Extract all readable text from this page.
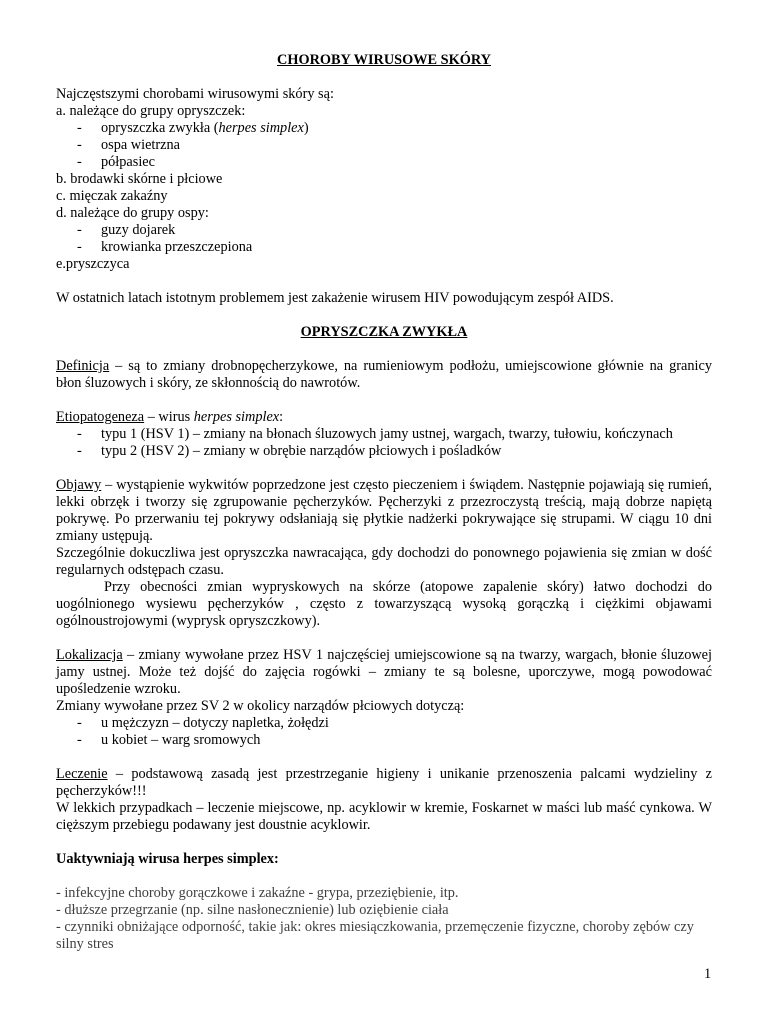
CHOROBY WIRUSOWE SKÓRY

Najczęstszymi chorobami wirusowymi skóry są:

a. należące do grupy opryszczek:

- opryszczka zwykła (herpes simplex)

- ospa wietrzna

- półpasiec

b. brodawki skórne i płciowe

c. mięczak zakaźny

d. należące do grupy ospy:

- guzy dojarek

- krowianka przeszczepiona

e.pryszczyca

W ostatnich latach istotnym problemem jest zakażenie wirusem HIV powodującym zespół AIDS.

OPRYSZCZKA ZWYKŁA

Definicja – są to zmiany drobnopęcherzykowe, na rumieniowym podłożu, umiejscowione głównie na granicy błon śluzowych i skóry, ze skłonnością do nawrotów.

Etiopatogeneza – wirus herpes simplex:

- typu 1 (HSV 1) – zmiany na błonach śluzowych jamy ustnej, wargach, twarzy, tułowiu, kończynach

- typu 2 (HSV 2) – zmiany w obrębie narządów płciowych i pośladków

Objawy – wystąpienie wykwitów poprzedzone jest często pieczeniem i świądem. Następnie pojawiają się rumień, lekki obrzęk i tworzy się zgrupowanie pęcherzyków. Pęcherzyki z przezroczystą treścią, mają dobrze napiętą pokrywę. Po przerwaniu tej pokrywy odsłaniają się płytkie nadżerki pokrywające się strupami. W ciągu 10 dni zmiany ustępują.

Szczególnie dokuczliwa jest opryszczka nawracająca, gdy dochodzi do ponownego pojawienia się zmian w dość regularnych odstępach czasu.

Przy obecności zmian wypryskowych na skórze (atopowe zapalenie skóry) łatwo dochodzi do uogólnionego wysiewu pęcherzyków , często z towarzyszącą wysoką gorączką i ciężkimi objawami ogólnoustrojowymi (wyprysk opryszczkowy).

Lokalizacja – zmiany wywołane przez HSV 1 najczęściej umiejscowione są na twarzy, wargach, błonie śluzowej jamy ustnej. Może też dojść do zajęcia rogówki – zmiany te są bolesne, uporczywe, mogą powodować upośledzenie wzroku.

Zmiany wywołane przez SV 2 w okolicy narządów płciowych dotyczą:

- u mężczyzn – dotyczy napletka, żołędzi

- u kobiet – warg sromowych

Leczenie – podstawową zasadą jest przestrzeganie higieny i unikanie przenoszenia palcami wydzieliny z pęcherzyków!!!

W lekkich przypadkach – leczenie miejscowe, np. acyklowir w kremie, Foskarnet w maści lub maść cynkowa. W cięższym przebiegu podawany jest doustnie acyklowir.

Uaktywniają wirusa herpes simplex:

- infekcyjne choroby gorączkowe i zakaźne - grypa, przeziębienie, itp.

- dłuższe przegrzanie (np. silne nasłonecznienie) lub oziębienie ciała

- czynniki obniżające odporność, takie jak: okres miesiączkowania, przemęczenie fizyczne, choroby zębów czy silny stres

1
